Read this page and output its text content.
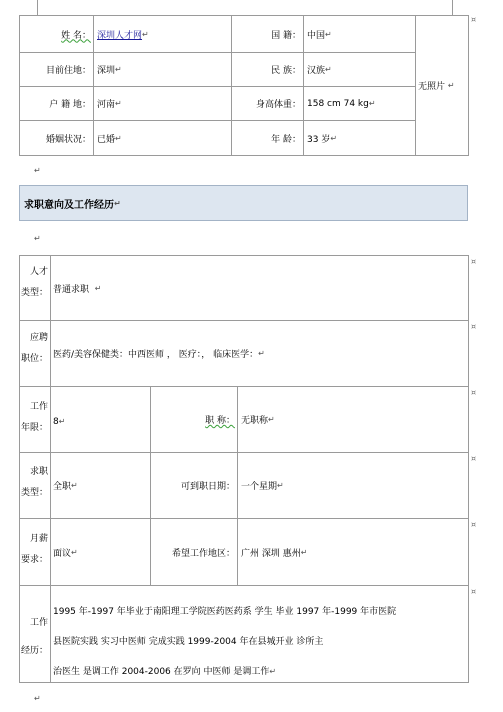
姓 名： 深圳人才网 ↵	国 籍： 中国 ↵
目前住地： 深圳 ↵	民 族： 汉族 ↵
无照片
↵
户 籍 地： 河南 ↵	身高体重： 158 cm 74 kg ↵
婚姻状况： 已婚 ↵	年 龄： 33 岁 ↵
↵
求职意向及工作经历 ↵
↵
人才
类型： 普通求职
↵
应聘
职位： 医药/美容保健类：中西医师 ， 医疗：， 临床医学： ↵
工作
年限：
8↵	职 称： 无职称 ↵
求职
类型：
全职 ↵	可到职日期： 一个星期 ↵
月薪
要求：
面议 ↵	希望工作地区： 广州 深圳 惠州 ↵
工作
经历：
1995 年-1997 年毕业于南阳理工学院医药医药系 学生 毕业 1997 年-1999 年市医院
县医院实践 实习中医师 完成实践 1999-2004 年在县城开业 诊所主
治医生 是调工作 2004-2006 在罗向 中医师 是调工作↵
¤
¤
¤
¤
¤
¤
¤
↵
